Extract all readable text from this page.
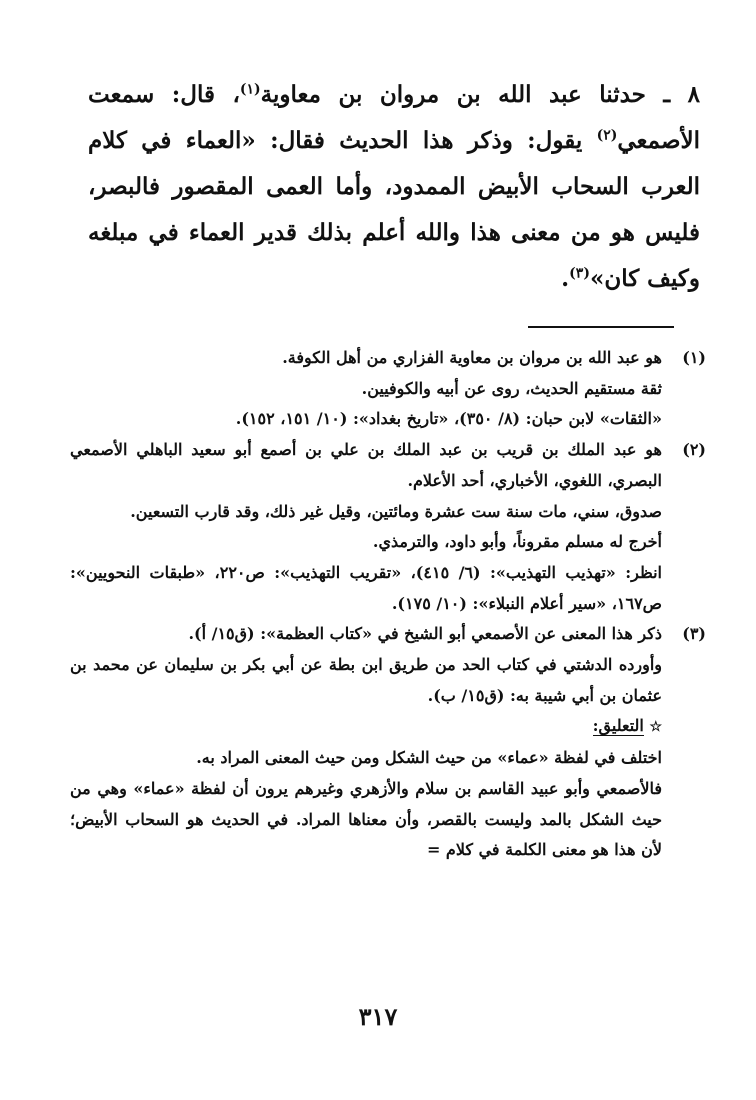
٨ ـ حدثنا عبد الله بن مروان بن معاوية$^{(١)}$، قال: سمعت الأصمعي$^{(٢)}$ يقول: وذكر هذا الحديث فقال: «العماء في كلام العرب السحاب الأبيض الممدود، وأما العمى المقصور فالبصر، فليس هو من معنى هذا والله أعلم بذلك قدير العماء في مبلغه وكيف كان»$^{(٣)}$.

(١)

هو عبد الله بن مروان بن معاوية الفزاري من أهل الكوفة.

ثقة مستقيم الحديث، روى عن أبيه والكوفيين.

«الثقات» لابن حبان: (٨/ ٣٥٠)، «تاريخ بغداد»: (١٠/ ١٥١، ١٥٢).

(٢)

هو عبد الملك بن قريب بن عبد الملك بن علي بن أصمع أبو سعيد الباهلي الأصمعي البصري، اللغوي، الأخباري، أحد الأعلام.

صدوق، سني، مات سنة ست عشرة ومائتين، وقيل غير ذلك، وقد قارب التسعين.

أخرج له مسلم مقروناً، وأبو داود، والترمذي.

انظر: «تهذيب التهذيب»: (٦/ ٤١٥)، «تقريب التهذيب»: ص٢٢٠، «طبقات النحويين»: ص١٦٧، «سير أعلام النبلاء»: (١٠/ ١٧٥).

(٣)

ذكر هذا المعنى عن الأصمعي أبو الشيخ في «كتاب العظمة»: (ق١٥/ أ).

وأورده الدشتي في كتاب الحد من طريق ابن بطة عن أبي بكر بن سليمان عن محمد بن عثمان بن أبي شيبة به: (ق١٥/ ب).

☆ التعليق:

اختلف في لفظة «عماء» من حيث الشكل ومن حيث المعنى المراد به.

فالأصمعي وأبو عبيد القاسم بن سلام والأزهري وغيرهم يرون أن لفظة «عماء» وهي من حيث الشكل بالمد وليست بالقصر، وأن معناها المراد. في الحديث هو السحاب الأبيض؛ لأن هذا هو معنى الكلمة في كلام =

٣١٧
